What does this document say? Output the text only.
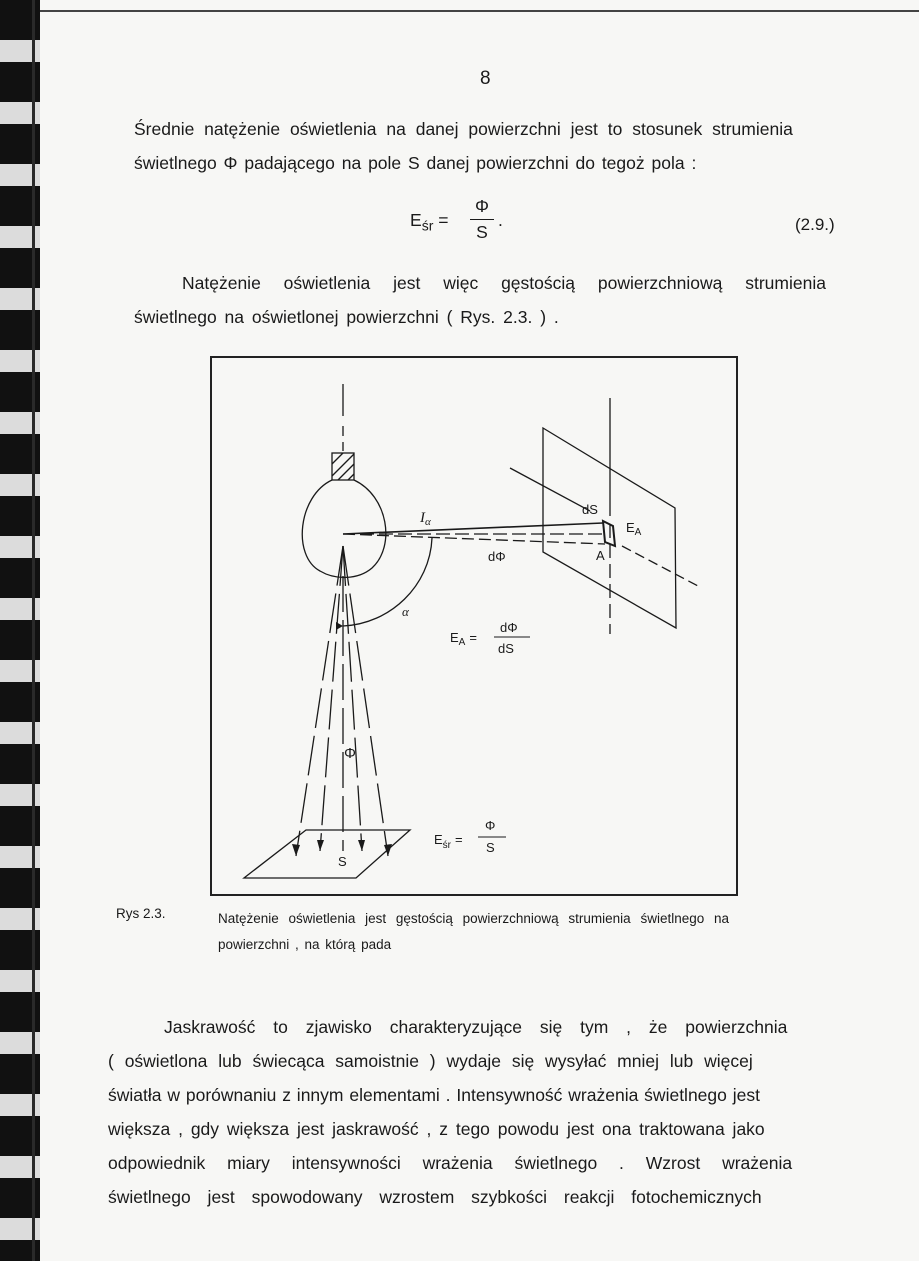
8
Średnie natężenie oświetlenia na danej powierzchni jest to stosunek strumienia
świetlnego Φ padającego na pole S danej powierzchni do tegoż pola :
$E_{śr}$ =
Φ
S
.	(2.9.)
Natężenie oświetlenia jest więc gęstością powierzchniową strumienia
świetlnego na oświetlonej powierzchni ( Rys. 2.3. ) .
$I_\alpha$
dS
$E_A$
A
dΦ
α
$E_A$ =
dΦ
dS
Φ
S
$E_{śr}$ =
Φ
S
Rys 2.3.	Natężenie oświetlenia jest gęstością powierzchniową strumienia świetlnego na
powierzchni , na którą pada
Jaskrawość to zjawisko charakteryzujące się tym , że powierzchnia
( oświetlona lub świecąca samoistnie ) wydaje się wysyłać mniej lub więcej
światła w porównaniu z innym elementami . Intensywność wrażenia świetlnego jest
większa , gdy większa jest jaskrawość , z tego powodu jest ona traktowana jako
odpowiednik miary intensywności wrażenia świetlnego . Wzrost wrażenia
świetlnego jest spowodowany wzrostem szybkości reakcji fotochemicznych
